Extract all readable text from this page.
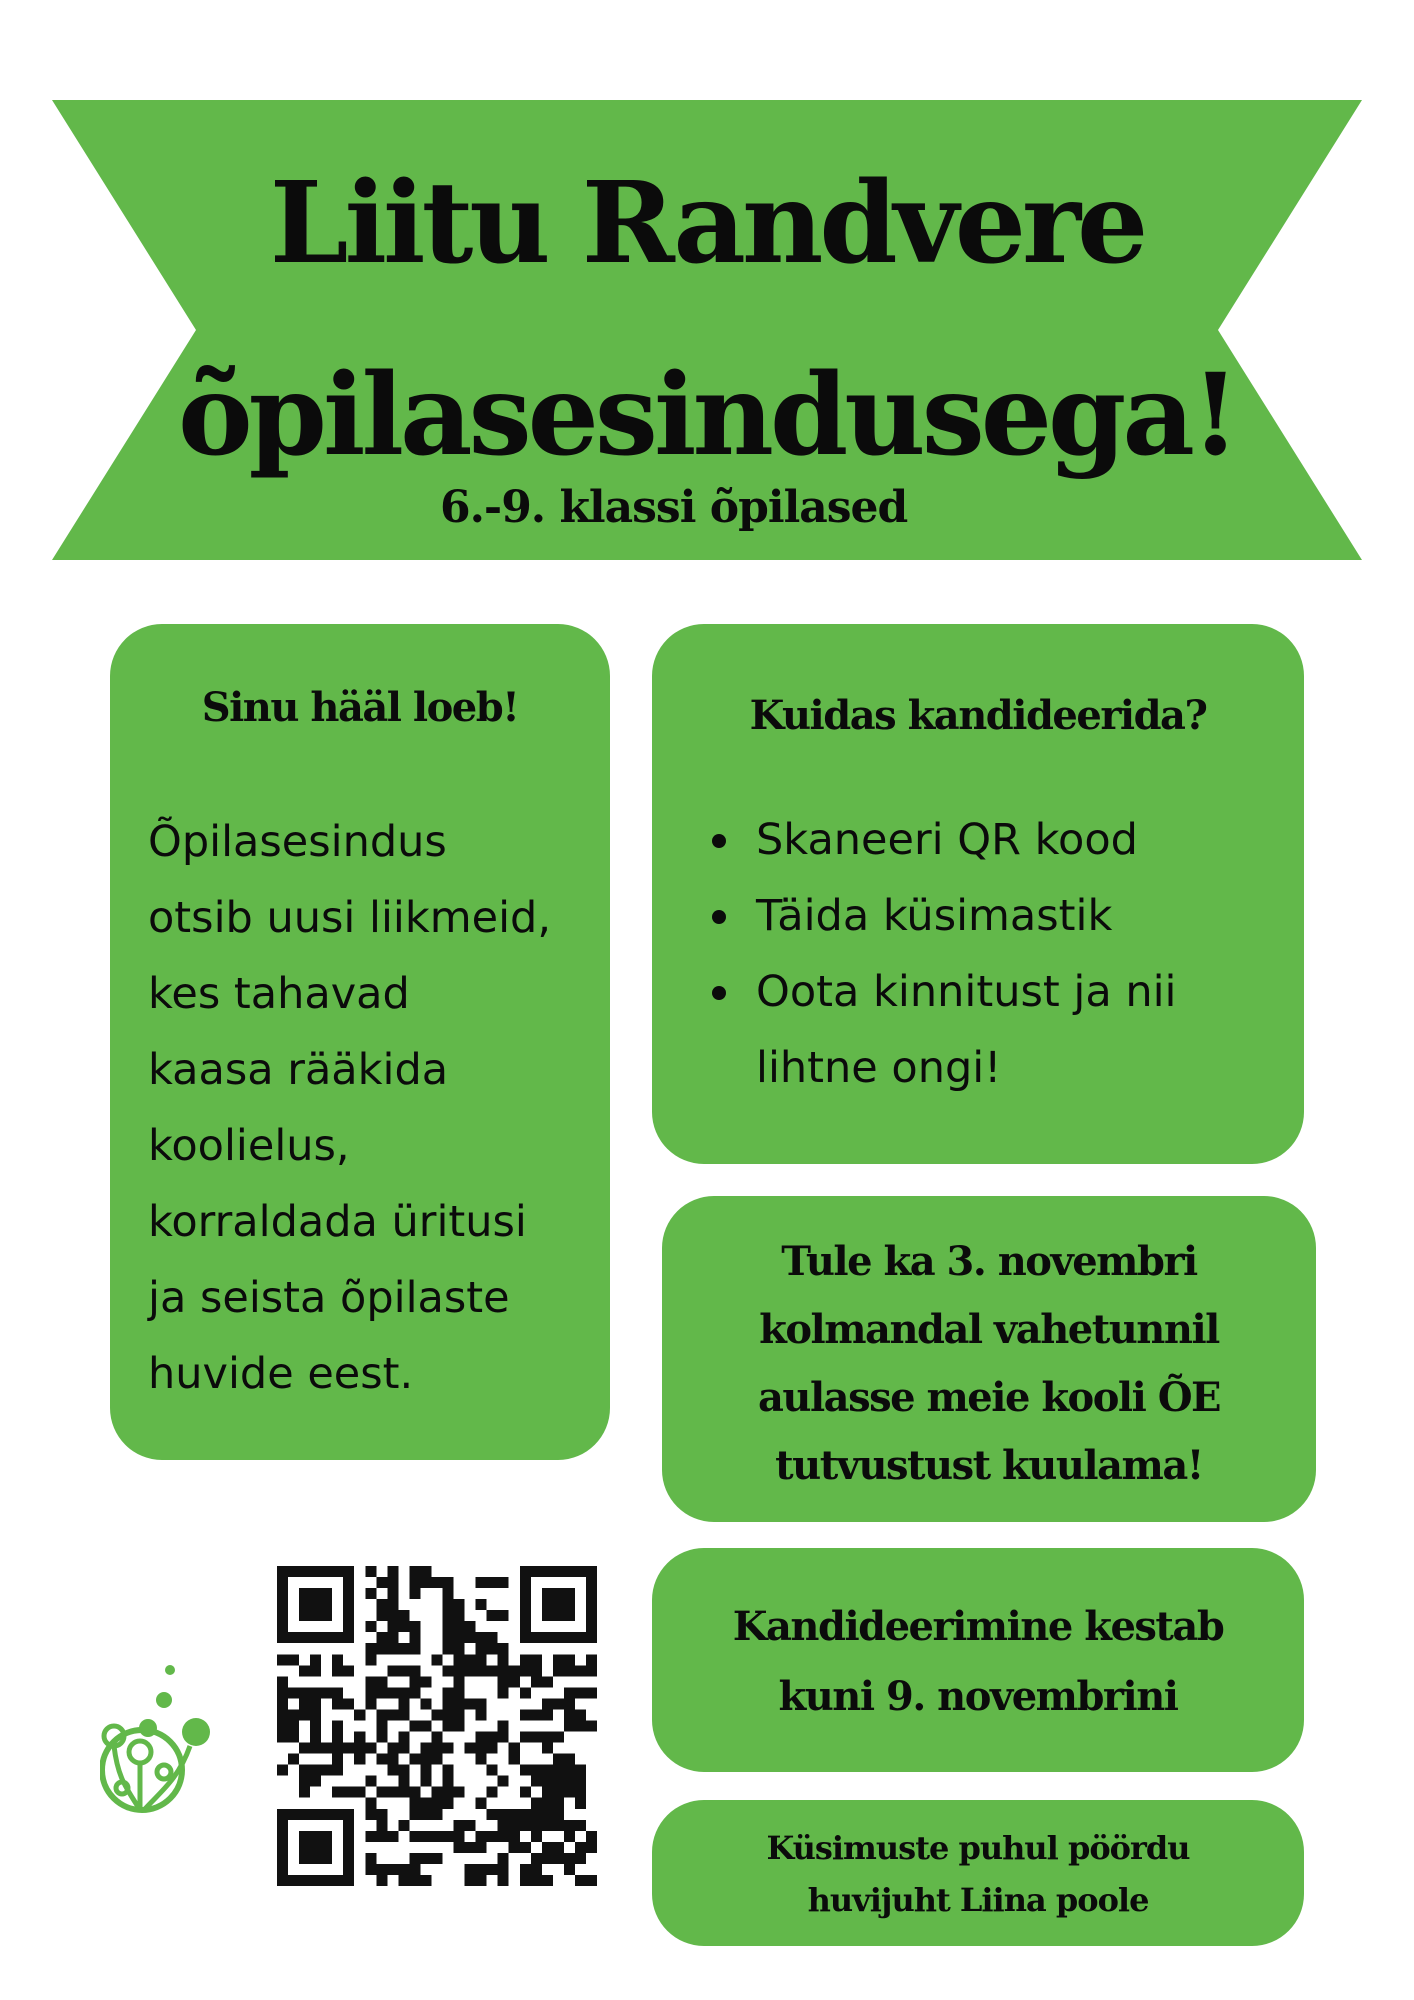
Liitu Randvere
õpilasesindusega!
6.-9. klassi õpilased
Sinu hääl loeb!
Õpilasesindus
otsib uusi liikmeid,
kes tahavad
kaasa rääkida
koolielus,
korraldada üritusi
ja seista õpilaste
huvide eest.
Kuidas kandideerida?
Skaneeri QR kood
Täida küsimastik
Oota kinnitust ja nii lihtne ongi!
Tule ka 3. novembri
kolmandal vahetunnil
aulasse meie kooli ÕE
tutvustust kuulama!
Kandideerimine kestab
kuni 9. novembrini
Küsimuste puhul pöördu
huvijuht Liina poole
